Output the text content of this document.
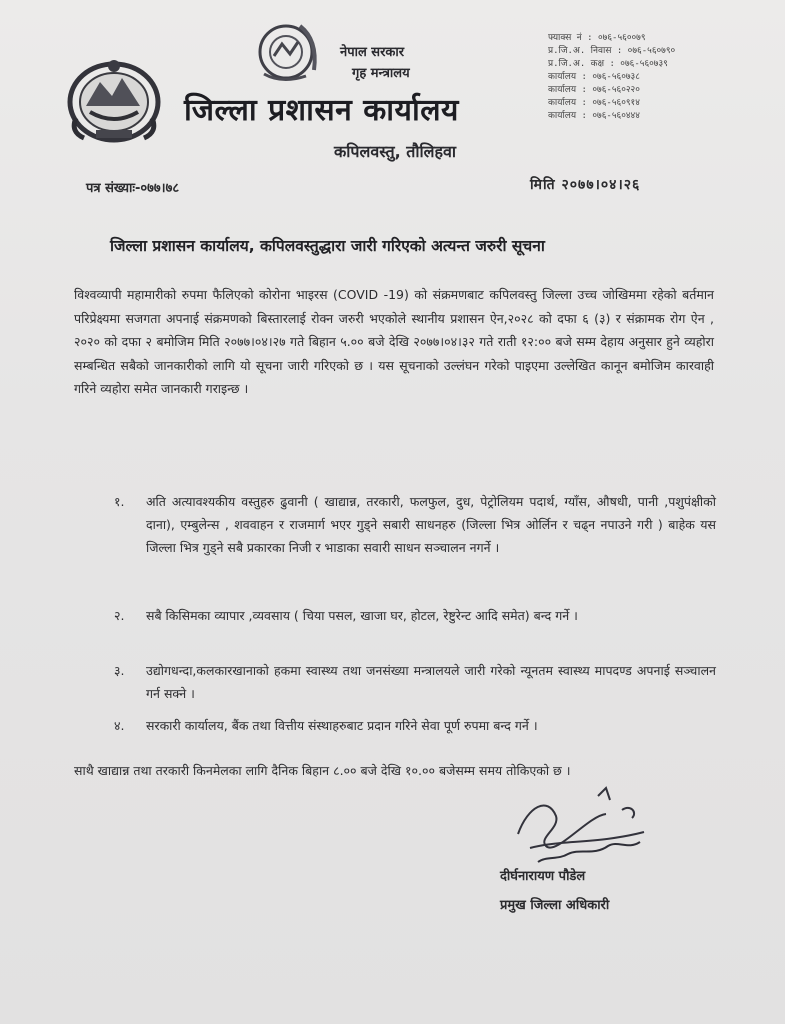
नेपाल सरकार
गृह मन्त्रालय
जिल्ला प्रशासन कार्यालय
कपिलवस्तु, तौलिहवा
फ्याक्स नं : ०७६-५६००७९
प्र.जि.अ. निवास : ०७६-५६०७९०
प्र.जि.अ. कक्ष : ०७६-५६०७३९
कार्यालय : ०७६-५६०७३८
कार्यालय : ०७६-५६०२२०
कार्यालय : ०७६-५६०९१४
कार्यालय : ०७६-५६०४४४
पत्र संख्याः-०७७।७८	मिति २०७७।०४।२६
जिल्ला प्रशासन कार्यालय, कपिलवस्तुद्धारा जारी गरिएको अत्यन्त जरुरी सूचना
विश्वव्यापी महामारीको रुपमा फैलिएको कोरोना भाइरस (COVID -19) को संक्रमणबाट कपिलवस्तु जिल्ला उच्च जोखिममा रहेको बर्तमान परिप्रेक्ष्यमा सजगता अपनाई संक्रमणको बिस्तारलाई रोक्न जरुरी भएकोले स्थानीय प्रशासन ऐन,२०२८ को दफा ६ (३) र संक्रामक रोग ऐन , २०२० को दफा २ बमोजिम मिति २०७७।०४।२७ गते बिहान ५.०० बजे देखि २०७७।०४।३२ गते राती १२:०० बजे सम्म देहाय अनुसार हुने व्यहोरा सम्बन्धित सबैको जानकारीको लागि यो सूचना जारी गरिएको छ । यस सूचनाको उल्लंघन गरेको पाइएमा उल्लेखित कानून बमोजिम कारवाही गरिने व्यहोरा समेत जानकारी गराइन्छ ।
१. अति अत्यावश्यकीय वस्तुहरु ढुवानी ( खाद्यान्न, तरकारी, फलफुल, दुध, पेट्रोलियम पदार्थ, ग्याँस, औषधी, पानी ,पशुपंक्षीको दाना), एम्बुलेन्स , शववाहन र राजमार्ग भएर गुड्ने सबारी साधनहरु (जिल्ला भित्र ओर्लिन र चढ्न नपाउने गरी ) बाहेक यस जिल्ला भित्र गुड्ने सबै प्रकारका निजी र भाडाका सवारी साधन सञ्चालन नगर्ने ।
२. सबै किसिमका व्यापार ,व्यवसाय ( चिया पसल, खाजा घर, होटल, रेष्टुरेन्ट आदि समेत) बन्द गर्ने ।
३. उद्योगधन्दा,कलकारखानाको हकमा स्वास्थ्य तथा जनसंख्या मन्त्रालयले जारी गरेको न्यूनतम स्वास्थ्य मापदण्ड अपनाई सञ्चालन गर्न सक्ने ।
४. सरकारी कार्यालय, बैंक तथा वित्तीय संस्थाहरुबाट प्रदान गरिने सेवा पूर्ण रुपमा बन्द गर्ने ।
साथै खाद्यान्न तथा तरकारी किनमेलका लागि दैनिक बिहान ८.०० बजे देखि १०.०० बजेसम्म समय तोकिएको छ ।
दीर्घनारायण पौडेल
प्रमुख जिल्ला अधिकारी
